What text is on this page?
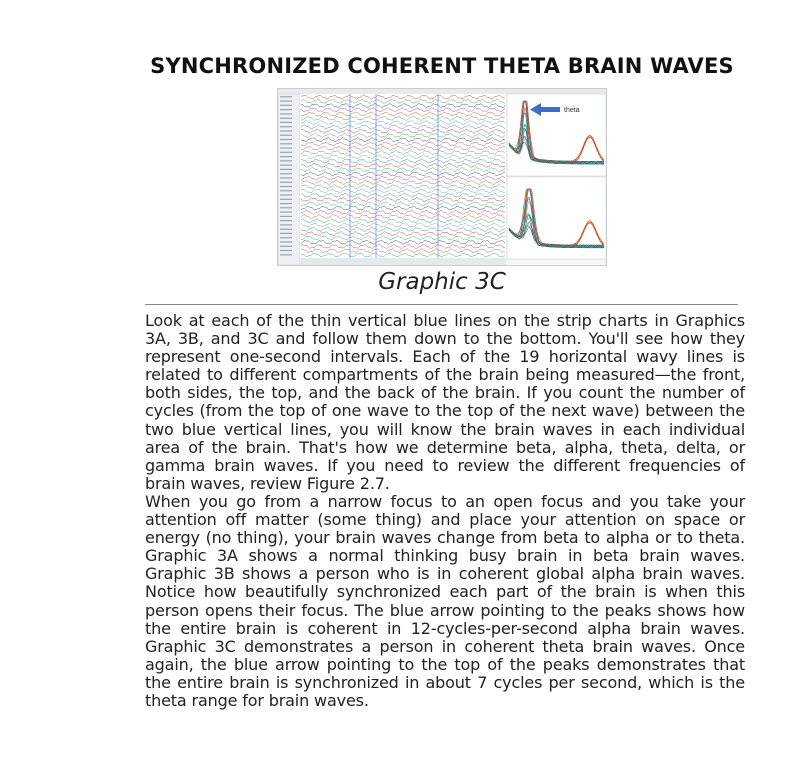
SYNCHRONIZED COHERENT THETA BRAIN WAVES
theta
Graphic 3C

Look at each of the thin vertical blue lines on the strip charts in Graphics 3A, 3B, and 3C and follow them down to the bottom. You'll see how they represent one-second intervals. Each of the 19 horizontal wavy lines is related to different compartments of the brain being measured—the front, both sides, the top, and the back of the brain. If you count the number of cycles (from the top of one wave to the top of the next wave) between the two blue vertical lines, you will know the brain waves in each individual area of the brain. That's how we determine beta, alpha, theta, delta, or gamma brain waves. If you need to review the different frequencies of brain waves, review Figure 2.7.

When you go from a narrow focus to an open focus and you take your attention off matter (some thing) and place your attention on space or energy (no thing), your brain waves change from beta to alpha or to theta. Graphic 3A shows a normal thinking busy brain in beta brain waves. Graphic 3B shows a person who is in coherent global alpha brain waves. Notice how beautifully synchronized each part of the brain is when this person opens their focus. The blue arrow pointing to the peaks shows how the entire brain is coherent in 12-cycles-per-second alpha brain waves. Graphic 3C demonstrates a person in coherent theta brain waves. Once again, the blue arrow pointing to the top of the peaks demonstrates that the entire brain is synchronized in about 7 cycles per second, which is the theta range for brain waves.
